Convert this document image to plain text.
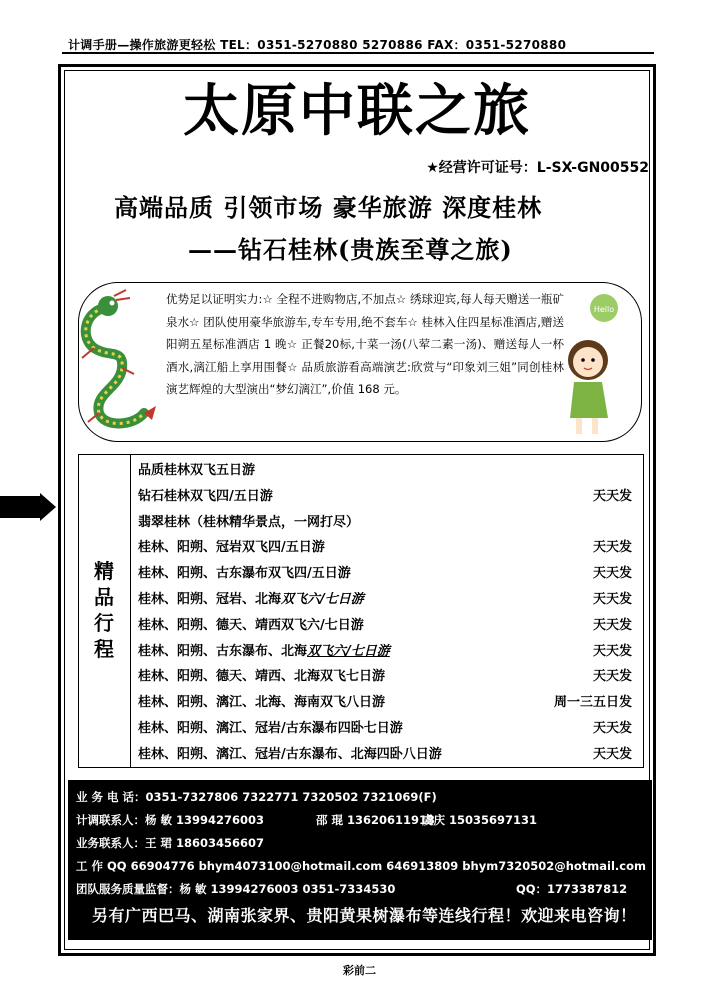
计调手册—操作旅游更轻松 TEL：0351-5270880 5270886 FAX：0351-5270880
太原中联之旅
★经营许可证号：L-SX-GN00552
高端品质 引领市场 豪华旅游 深度桂林
——钻石桂林(贵族至尊之旅)
优势足以证明实力:☆ 全程不进购物店,不加点☆ 绣球迎宾,每人每天赠送一瓶矿泉水☆ 团队使用豪华旅游车,专车专用,绝不套车☆ 桂林入住四星标准酒店,赠送阳朔五星标准酒店 1 晚☆ 正餐20标,十菜一汤(八荤二素一汤)、赠送每人一杯酒水,漓江船上享用围餐☆ 品质旅游看高端演艺:欣赏与“印象刘三姐”同创桂林演艺辉煌的大型演出“梦幻漓江”,价值 168 元。
Hello
精
品
行
程
品质桂林双飞五日游
钻石桂林双飞四/五日游	天天发
翡翠桂林（桂林精华景点，一网打尽）
桂林、阳朔、冠岩双飞四/五日游	天天发
桂林、阳朔、古东瀑布双飞四/五日游	天天发
桂林、阳朔、冠岩、北海双飞六/七日游	天天发
桂林、阳朔、德天、靖西双飞六/七日游	天天发
桂林、阳朔、古东瀑布、北海双飞六/七日游	天天发
桂林、阳朔、德天、靖西、北海双飞七日游	天天发
桂林、阳朔、漓江、北海、海南双飞八日游	周一三五日发
桂林、阳朔、漓江、冠岩/古东瀑布四卧七日游	天天发
桂林、阳朔、漓江、冠岩/古东瀑布、北海四卧八日游	天天发
业 务 电 话：0351-7327806 7322771 7320502 7321069(F)
计调联系人：杨 敏 13994276003	邵 琨 13620611913
虞庆 15035697131
业务联系人：王 珺 18603456607
工 作 QQ 66904776 bhym4073100@hotmail.com 646913809 bhym7320502@hotmail.com
团队服务质量监督：杨 敏 13994276003 0351-7334530	QQ：1773387812
另有广西巴马、湖南张家界、贵阳黄果树瀑布等连线行程！欢迎来电咨询！
彩前二
